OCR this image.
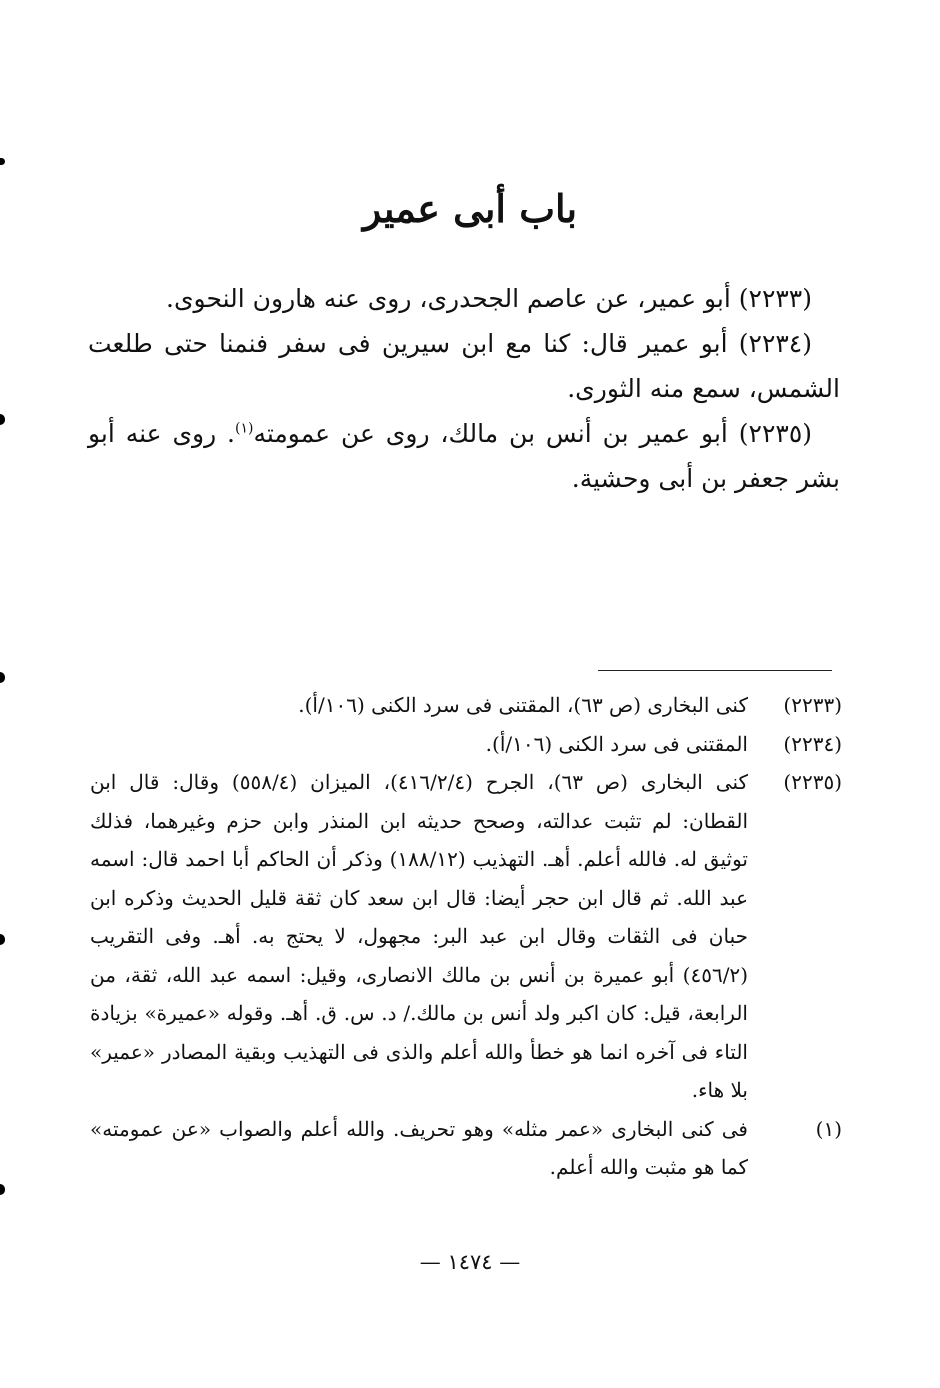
باب أبى عمير

(٢٢٣٣) أبو عمير، عن عاصم الجحدرى، روى عنه هارون النحوى.

(٢٢٣٤) أبو عمير قال: كنا مع ابن سيرين فى سفر فنمنا حتى طلعت الشمس، سمع منه الثورى.

(٢٢٣٥) أبو عمير بن أنس بن مالك، روى عن عمومته$^{(١)}$. روى عنه أبو بشر جعفر بن أبى وحشية.

(٢٢٣٣)
كنى البخارى (ص ٦٣)، المقتنى فى سرد الكنى (١٠٦/أ).
(٢٢٣٤)
المقتنى فى سرد الكنى (١٠٦/أ).
(٢٢٣٥)
كنى البخارى (ص ٦٣)، الجرح (٤١٦/٢/٤)، الميزان (٥٥٨/٤) وقال: قال ابن القطان: لم تثبت عدالته، وصحح حديثه ابن المنذر وابن حزم وغيرهما، فذلك توثيق له. فالله أعلم. أهـ. التهذيب (١٨٨/١٢) وذكر أن الحاكم أبا احمد قال: اسمه عبد الله. ثم قال ابن حجر أيضا: قال ابن سعد كان ثقة قليل الحديث وذكره ابن حبان فى الثقات وقال ابن عبد البر: مجهول، لا يحتج به. أهـ. وفى التقريب (٤٥٦/٢) أبو عميرة بن أنس بن مالك الانصارى، وقيل: اسمه عبد الله، ثقة، من الرابعة، قيل: كان اكبر ولد أنس بن مالك./ د. س. ق. أهـ. وقوله «عميرة» بزيادة التاء فى آخره انما هو خطأ والله أعلم والذى فى التهذيب وبقية المصادر «عمير» بلا هاء.
(١)
فى كنى البخارى «عمر مثله» وهو تحريف. والله أعلم والصواب «عن عمومته» كما هو مثبت والله أعلم.
— ١٤٧٤ —
